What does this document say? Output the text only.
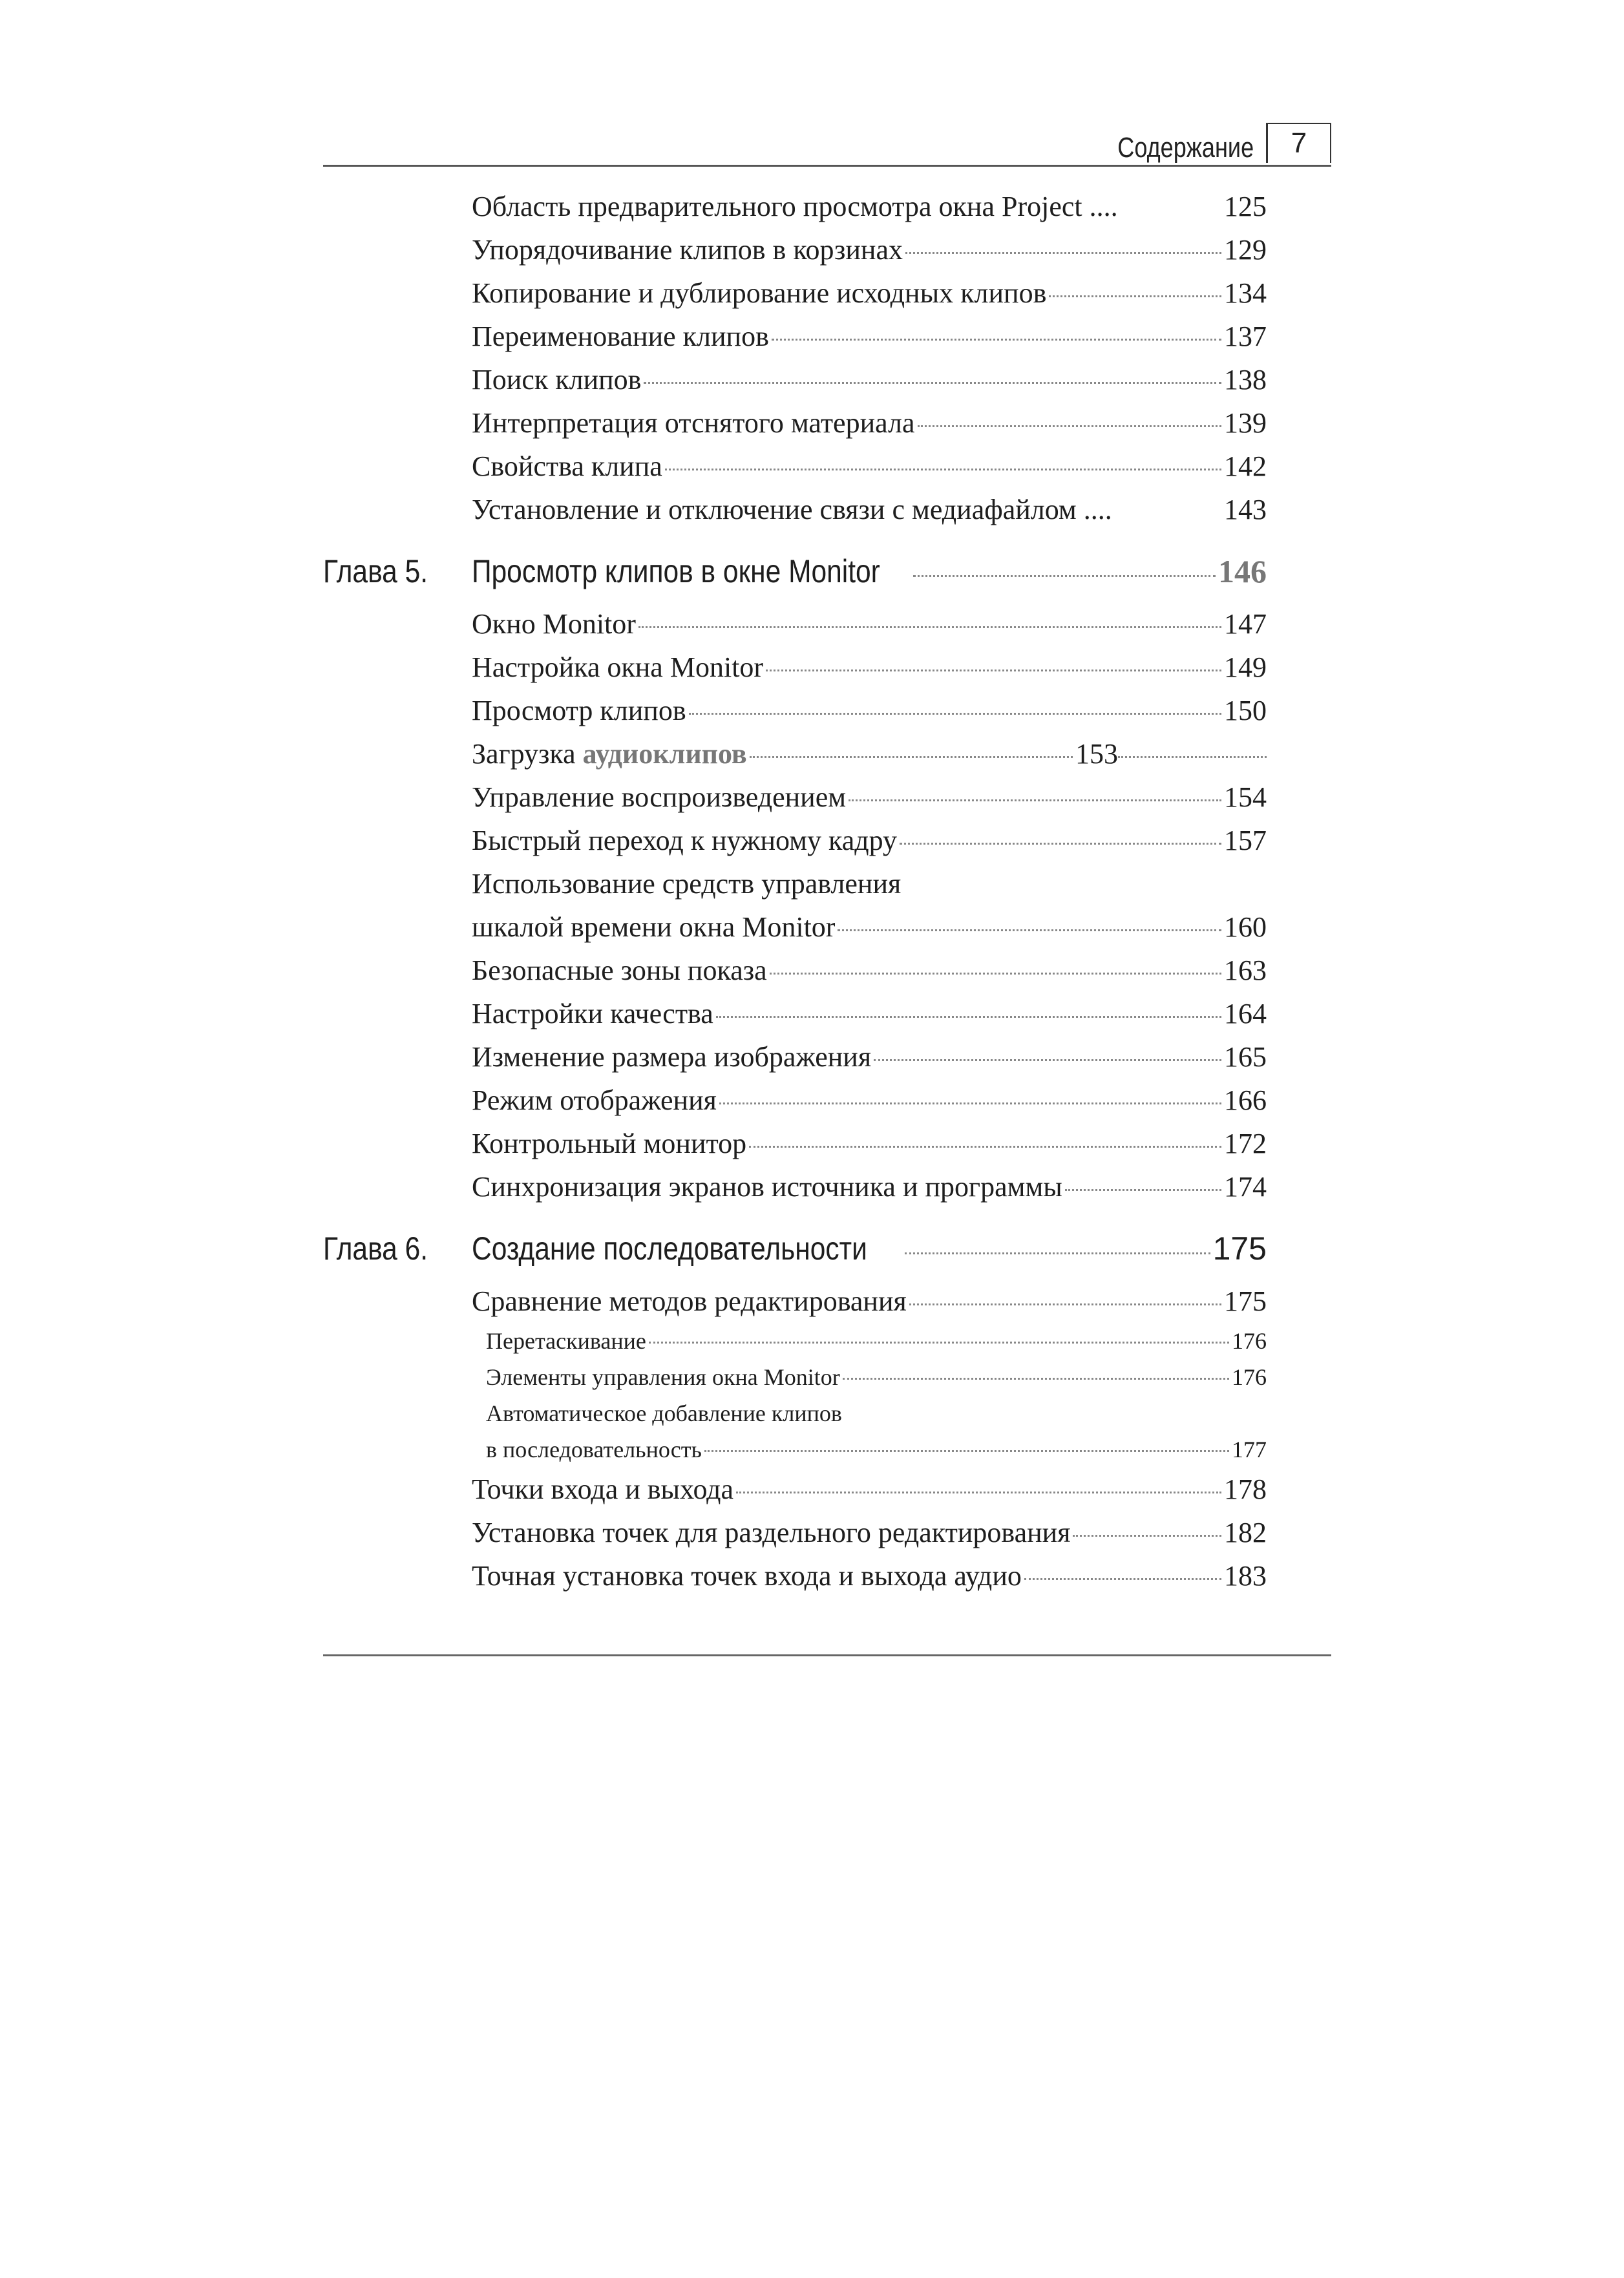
Содержание	7
Область предварительного просмотра окна Project ....	125
Упорядочивание клипов в корзинах	129
Копирование и дублирование исходных клипов	134
Переименование клипов	137
Поиск клипов	138
Интерпретация отснятого материала	139
Свойства клипа	142
Установление и отключение связи с медиафайлом ....	143
Глава 5.	Просмотр клипов в окне Monitor	146
Окно Monitor	147
Настройка окна Monitor	149
Просмотр клипов	150
Загрузка аудиоклипов	153
Управление воспроизведением	154
Быстрый переход к нужному кадру	157
Использование средств управления
шкалой времени окна Monitor	160
Безопасные зоны показа	163
Настройки качества	164
Изменение размера изображения	165
Режим отображения	166
Контрольный монитор	172
Синхронизация экранов источника и программы	174
Глава 6.	Создание последовательности	175
Сравнение методов редактирования	175
Перетаскивание	176
Элементы управления окна Monitor	176
Автоматическое добавление клипов
в последовательность	177
Точки входа и выхода	178
Установка точек для раздельного редактирования	182
Точная установка точек входа и выхода аудио	183
